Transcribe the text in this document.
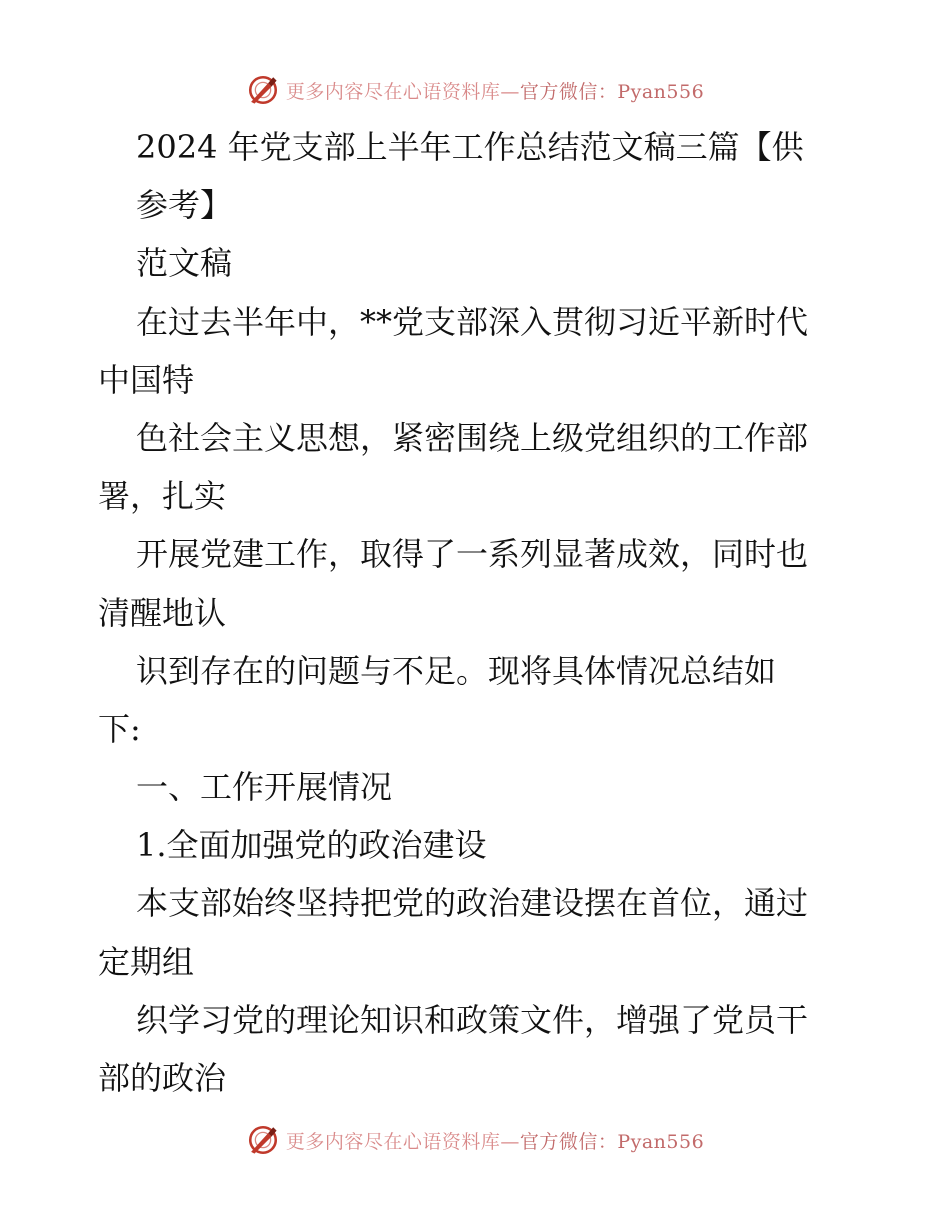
更多内容尽在心语资料库—官方微信：Pyan556
2024 年党支部上半年工作总结范文稿三篇【供
参考】
范文稿
在过去半年中，**党支部深入贯彻习近平新时代
中国特
色社会主义思想，紧密围绕上级党组织的工作部
署，扎实
开展党建工作，取得了一系列显著成效，同时也
清醒地认
识到存在的问题与不足。现将具体情况总结如
下:
一、工作开展情况
1.全面加强党的政治建设
本支部始终坚持把党的政治建设摆在首位，通过
定期组
织学习党的理论知识和政策文件，增强了党员干
部的政治
更多内容尽在心语资料库—官方微信：Pyan556
